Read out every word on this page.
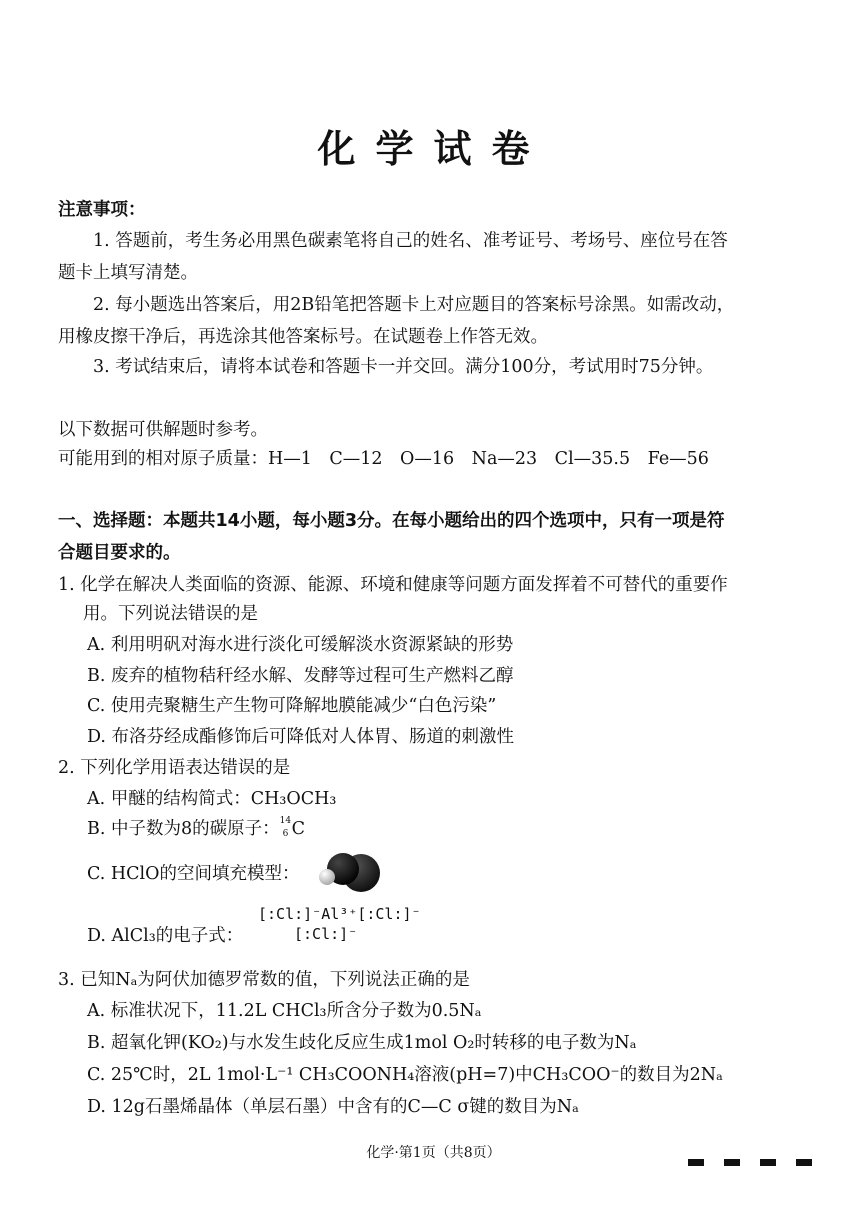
化学试卷
注意事项：
1. 答题前，考生务必用黑色碳素笔将自己的姓名、准考证号、考场号、座位号在答
题卡上填写清楚。
2. 每小题选出答案后，用2B铅笔把答题卡上对应题目的答案标号涂黑。如需改动，
用橡皮擦干净后，再选涂其他答案标号。在试题卷上作答无效。
3. 考试结束后，请将本试卷和答题卡一并交回。满分100分，考试用时75分钟。
以下数据可供解题时参考。
可能用到的相对原子质量：H—1　C—12　O—16　Na—23　Cl—35.5　Fe—56
一、选择题：本题共14小题，每小题3分。在每小题给出的四个选项中，只有一项是符
合题目要求的。
1. 化学在解决人类面临的资源、能源、环境和健康等问题方面发挥着不可替代的重要作
用。下列说法错误的是
A. 利用明矾对海水进行淡化可缓解淡水资源紧缺的形势
B. 废弃的植物秸秆经水解、发酵等过程可生产燃料乙醇
C. 使用壳聚糖生产生物可降解地膜能减少“白色污染”
D. 布洛芬经成酯修饰后可降低对人体胃、肠道的刺激性
2. 下列化学用语表达错误的是
A. 甲醚的结构简式：CH₃OCH₃
B. 中子数为8的碳原子： 14
6 C
C. HClO的空间填充模型：
D. AlCl₃的电子式：
[:Cl:]⁻Al³⁺[:Cl:]⁻
[:Cl:]⁻
3. 已知Nₐ为阿伏加德罗常数的值，下列说法正确的是
A. 标准状况下，11.2L CHCl₃所含分子数为0.5Nₐ
B. 超氧化钾(KO₂)与水发生歧化反应生成1mol O₂时转移的电子数为Nₐ
C. 25℃时，2L 1mol·L⁻¹ CH₃COONH₄溶液(pH=7)中CH₃COO⁻的数目为2Nₐ
D. 12g石墨烯晶体（单层石墨）中含有的C—C σ键的数目为Nₐ
化学·第1页（共8页）
